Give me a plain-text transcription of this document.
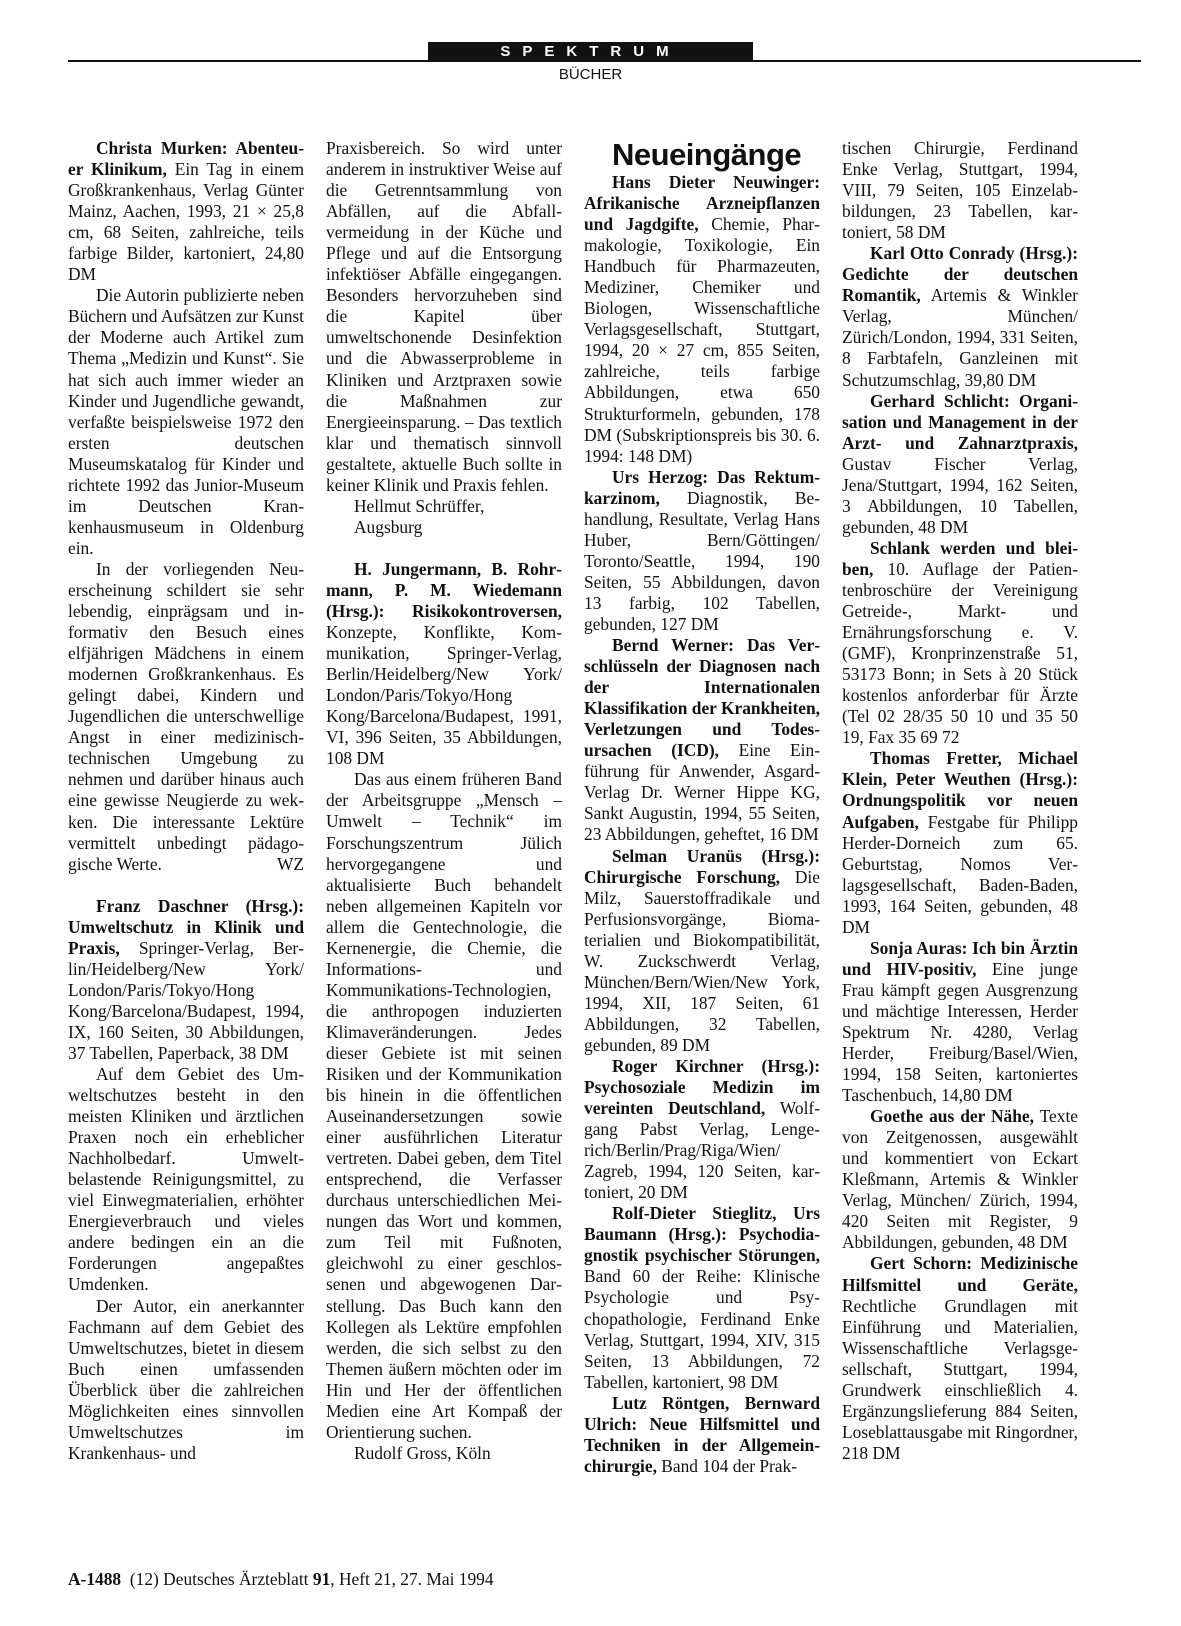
SPEKTRUM
BÜCHER

Christa Murken: Abenteuer Klinikum, Ein Tag in einem Großkrankenhaus, Verlag Günter Mainz, Aachen, 1993, 21 × 25,8 cm, 68 Seiten, zahlreiche, teils farbige Bilder, kartoniert, 24,80 DM

Die Autorin publizierte neben Büchern und Aufsätzen zur Kunst der Moderne auch Artikel zum Thema „Medizin und Kunst“. Sie hat sich auch immer wieder an Kinder und Jugendliche gewandt, verfaßte beispielsweise 1972 den ersten deutschen Museumskatalog für Kinder und richtete 1992 das Junior-Museum im Deutschen Krankenhausmuseum in Oldenburg ein.

In der vorliegenden Neuerscheinung schildert sie sehr lebendig, einprägsam und informativ den Besuch eines elfjährigen Mädchens in einem modernen Großkrankenhaus. Es gelingt dabei, Kindern und Jugendlichen die unterschwellige Angst in einer medizinisch-technischen Umgebung zu nehmen und darüber hinaus auch eine gewisse Neugierde zu wekken. Die interessante Lektüre vermittelt unbedingt pädagogische Werte.	WZ

Franz Daschner (Hrsg.): Umweltschutz in Klinik und Praxis, Springer-Verlag, Berlin/Heidelberg/New York/ London/Paris/Tokyo/Hong Kong/Barcelona/Budapest, 1994, IX, 160 Seiten, 30 Abbildungen, 37 Tabellen, Paperback, 38 DM

Auf dem Gebiet des Umweltschutzes besteht in den meisten Kliniken und ärztlichen Praxen noch ein erheblicher Nachholbedarf. Umweltbelastende Reinigungsmittel, zu viel Einwegmaterialien, erhöhter Energieverbrauch und vieles andere bedingen ein an die Forderungen angepaßtes Umdenken.

Der Autor, ein anerkannter Fachmann auf dem Gebiet des Umweltschutzes, bietet in diesem Buch einen umfassenden Überblick über die zahlreichen Möglichkeiten eines sinnvollen Umweltschutzes im Krankenhaus- und

Praxisbereich. So wird unter anderem in instruktiver Weise auf die Getrenntsammlung von Abfällen, auf die Abfallvermeidung in der Küche und Pflege und auf die Entsorgung infektiöser Abfälle eingegangen. Besonders hervorzuheben sind die Kapitel über umweltschonende Desinfektion und die Abwasserprobleme in Kliniken und Arztpraxen sowie die Maßnahmen zur Energieeinsparung. – Das textlich klar und thematisch sinnvoll gestaltete, aktuelle Buch sollte in keiner Klinik und Praxis fehlen.

Hellmut Schrüffer,

Augsburg

H. Jungermann, B. Rohrmann, P. M. Wiedemann (Hrsg.): Risikokontroversen, Konzepte, Konflikte, Kommunikation, Springer-Verlag, Berlin/Heidelberg/New York/ London/Paris/Tokyo/Hong Kong/Barcelona/Budapest, 1991, VI, 396 Seiten, 35 Abbildungen, 108 DM

Das aus einem früheren Band der Arbeitsgruppe „Mensch – Umwelt – Technik“ im Forschungszentrum Jülich hervorgegangene und aktualisierte Buch behandelt neben allgemeinen Kapiteln vor allem die Gentechnologie, die Kernenergie, die Chemie, die Informations- und Kommunikations-Technologien, die anthropogen induzierten Klimaveränderungen. Jedes dieser Gebiete ist mit seinen Risiken und der Kommunikation bis hinein in die öffentlichen Auseinandersetzungen sowie einer ausführlichen Literatur vertreten. Dabei geben, dem Titel entsprechend, die Verfasser durchaus unterschiedlichen Meinungen das Wort und kommen, zum Teil mit Fußnoten, gleichwohl zu einer geschlossenen und abgewogenen Darstellung. Das Buch kann den Kollegen als Lektüre empfohlen werden, die sich selbst zu den Themen äußern möchten oder im Hin und Her der öffentlichen Medien eine Art Kompaß der Orientierung suchen.

Rudolf Gross, Köln

Neueingänge

Hans Dieter Neuwinger: Afrikanische Arzneipflanzen und Jagdgifte, Chemie, Pharmakologie, Toxikologie, Ein Handbuch für Pharmazeuten, Mediziner, Chemiker und Biologen, Wissenschaftliche Verlagsgesellschaft, Stuttgart, 1994, 20 × 27 cm, 855 Seiten, zahlreiche, teils farbige Abbildungen, etwa 650 Strukturformeln, gebunden, 178 DM (Subskriptionspreis bis 30. 6. 1994: 148 DM)

Urs Herzog: Das Rektumkarzinom, Diagnostik, Behandlung, Resultate, Verlag Hans Huber, Bern/Göttingen/ Toronto/Seattle, 1994, 190 Seiten, 55 Abbildungen, davon 13 farbig, 102 Tabellen, gebunden, 127 DM

Bernd Werner: Das Verschlüsseln der Diagnosen nach der Internationalen Klassifikation der Krankheiten, Verletzungen und Todesursachen (ICD), Eine Einführung für Anwender, Asgard-Verlag Dr. Werner Hippe KG, Sankt Augustin, 1994, 55 Seiten, 23 Abbildungen, geheftet, 16 DM

Selman Uranüs (Hrsg.): Chirurgische Forschung, Die Milz, Sauerstoffradikale und Perfusionsvorgänge, Biomaterialien und Biokompatibilität, W. Zuckschwerdt Verlag, München/Bern/Wien/New York, 1994, XII, 187 Seiten, 61 Abbildungen, 32 Tabellen, gebunden, 89 DM

Roger Kirchner (Hrsg.): Psychosoziale Medizin im vereinten Deutschland, Wolfgang Pabst Verlag, Lengerich/Berlin/Prag/Riga/Wien/ Zagreb, 1994, 120 Seiten, kartoniert, 20 DM

Rolf-Dieter Stieglitz, Urs Baumann (Hrsg.): Psychodiagnostik psychischer Störungen, Band 60 der Reihe: Klinische Psychologie und Psychopathologie, Ferdinand Enke Verlag, Stuttgart, 1994, XIV, 315 Seiten, 13 Abbildungen, 72 Tabellen, kartoniert, 98 DM

Lutz Röntgen, Bernward Ulrich: Neue Hilfsmittel und Techniken in der Allgemeinchirurgie, Band 104 der Prak-

tischen Chirurgie, Ferdinand Enke Verlag, Stuttgart, 1994, VIII, 79 Seiten, 105 Einzelabbildungen, 23 Tabellen, kartoniert, 58 DM

Karl Otto Conrady (Hrsg.): Gedichte der deutschen Romantik, Artemis & Winkler Verlag, München/ Zürich/London, 1994, 331 Seiten, 8 Farbtafeln, Ganzleinen mit Schutzumschlag, 39,80 DM

Gerhard Schlicht: Organisation und Management in der Arzt- und Zahnarztpraxis, Gustav Fischer Verlag, Jena/Stuttgart, 1994, 162 Seiten, 3 Abbildungen, 10 Tabellen, gebunden, 48 DM

Schlank werden und bleiben, 10. Auflage der Patientenbroschüre der Vereinigung Getreide-, Markt- und Ernährungsforschung e. V. (GMF), Kronprinzenstraße 51, 53173 Bonn; in Sets à 20 Stück kostenlos anforderbar für Ärzte (Tel 02 28/35 50 10 und 35 50 19, Fax 35 69 72

Thomas Fretter, Michael Klein, Peter Weuthen (Hrsg.): Ordnungspolitik vor neuen Aufgaben, Festgabe für Philipp Herder-Dorneich zum 65. Geburtstag, Nomos Verlagsgesellschaft, Baden-Baden, 1993, 164 Seiten, gebunden, 48 DM

Sonja Auras: Ich bin Ärztin und HIV-positiv, Eine junge Frau kämpft gegen Ausgrenzung und mächtige Interessen, Herder Spektrum Nr. 4280, Verlag Herder, Freiburg/Basel/Wien, 1994, 158 Seiten, kartoniertes Taschenbuch, 14,80 DM

Goethe aus der Nähe, Texte von Zeitgenossen, ausgewählt und kommentiert von Eckart Kleßmann, Artemis & Winkler Verlag, München/ Zürich, 1994, 420 Seiten mit Register, 9 Abbildungen, gebunden, 48 DM

Gert Schorn: Medizinische Hilfsmittel und Geräte, Rechtliche Grundlagen mit Einführung und Materialien, Wissenschaftliche Verlagsgesellschaft, Stuttgart, 1994, Grundwerk einschließlich 4. Ergänzungslieferung 884 Seiten, Loseblattausgabe mit Ringordner, 218 DM

A-1488 (12) Deutsches Ärzteblatt 91, Heft 21, 27. Mai 1994
